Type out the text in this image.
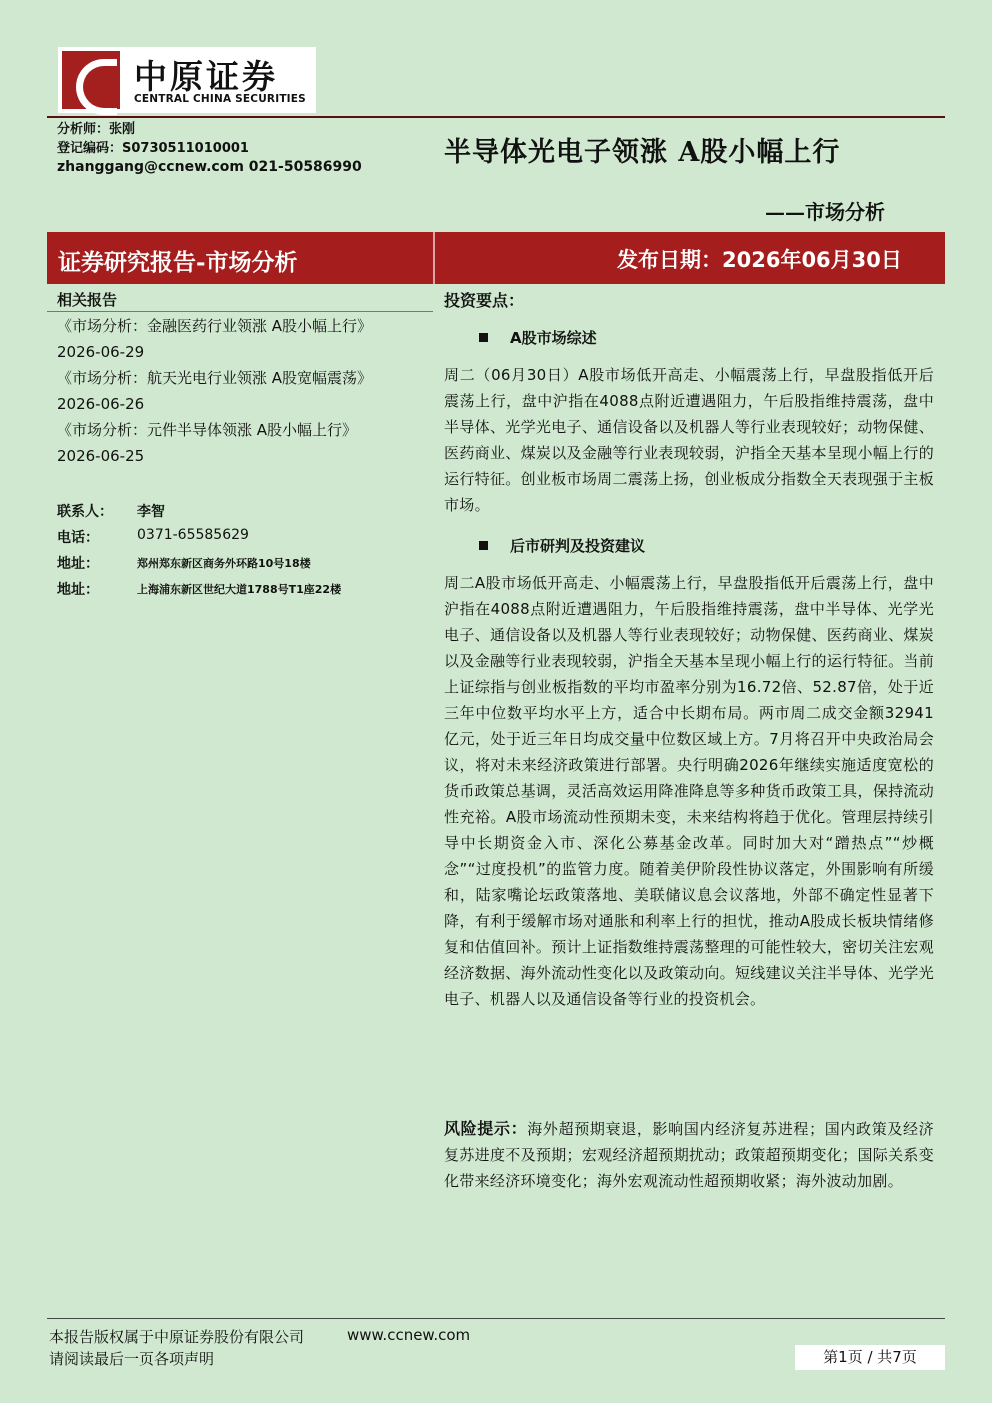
中原证券
CENTRAL CHINA SECURITIES
分析师：张刚
登记编码：S0730511010001
zhanggang@ccnew.com 021-50586990	半导体光电子领涨 A股小幅上行
——市场分析
证券研究报告-市场分析	发布日期：2026年06月30日
相关报告
《市场分析：金融医药行业领涨 A股小幅上行》 2026-06-29
《市场分析：航天光电行业领涨 A股宽幅震荡》 2026-06-26
《市场分析：元件半导体领涨 A股小幅上行》 2026-06-25
联系人： 李智
电话：	0371-65585629
地址：	郑州郑东新区商务外环路10号18楼
地址：	上海浦东新区世纪大道1788号T1座22楼
投资要点：
A股市场综述
周二（06月30日）A股市场低开高走、小幅震荡上行，早盘股指低开后震荡上行，盘中沪指在4088点附近遭遇阻力，午后股指维持震荡，盘中半导体、光学光电子、通信设备以及机器人等行业表现较好；动物保健、医药商业、煤炭以及金融等行业表现较弱，沪指全天基本呈现小幅上行的运行特征。创业板市场周二震荡上扬，创业板成分指数全天表现强于主板市场。
后市研判及投资建议
周二A股市场低开高走、小幅震荡上行，早盘股指低开后震荡上行，盘中沪指在4088点附近遭遇阻力，午后股指维持震荡，盘中半导体、光学光电子、通信设备以及机器人等行业表现较好；动物保健、医药商业、煤炭以及金融等行业表现较弱，沪指全天基本呈现小幅上行的运行特征。当前上证综指与创业板指数的平均市盈率分别为16.72倍、52.87倍，处于近三年中位数平均水平上方，适合中长期布局。两市周二成交金额32941亿元，处于近三年日均成交量中位数区域上方。7月将召开中央政治局会议，将对未来经济政策进行部署。央行明确2026年继续实施适度宽松的货币政策总基调，灵活高效运用降准降息等多种货币政策工具，保持流动性充裕。A股市场流动性预期未变，未来结构将趋于优化。管理层持续引导中长期资金入市、深化公募基金改革。同时加大对“蹭热点”“炒概念”“过度投机”的监管力度。随着美伊阶段性协议落定，外围影响有所缓和，陆家嘴论坛政策落地、美联储议息会议落地，外部不确定性显著下降，有利于缓解市场对通胀和利率上行的担忧，推动A股成长板块情绪修复和估值回补。预计上证指数维持震荡整理的可能性较大，密切关注宏观经济数据、海外流动性变化以及政策动向。短线建议关注半导体、光学光电子、机器人以及通信设备等行业的投资机会。
风险提示：海外超预期衰退，影响国内经济复苏进程；国内政策及经济复苏进度不及预期；宏观经济超预期扰动；政策超预期变化；国际关系变化带来经济环境变化；海外宏观流动性超预期收紧；海外波动加剧。
本报告版权属于中原证券股份有限公司	www.ccnew.com
请阅读最后一页各项声明	第1页 / 共7页
